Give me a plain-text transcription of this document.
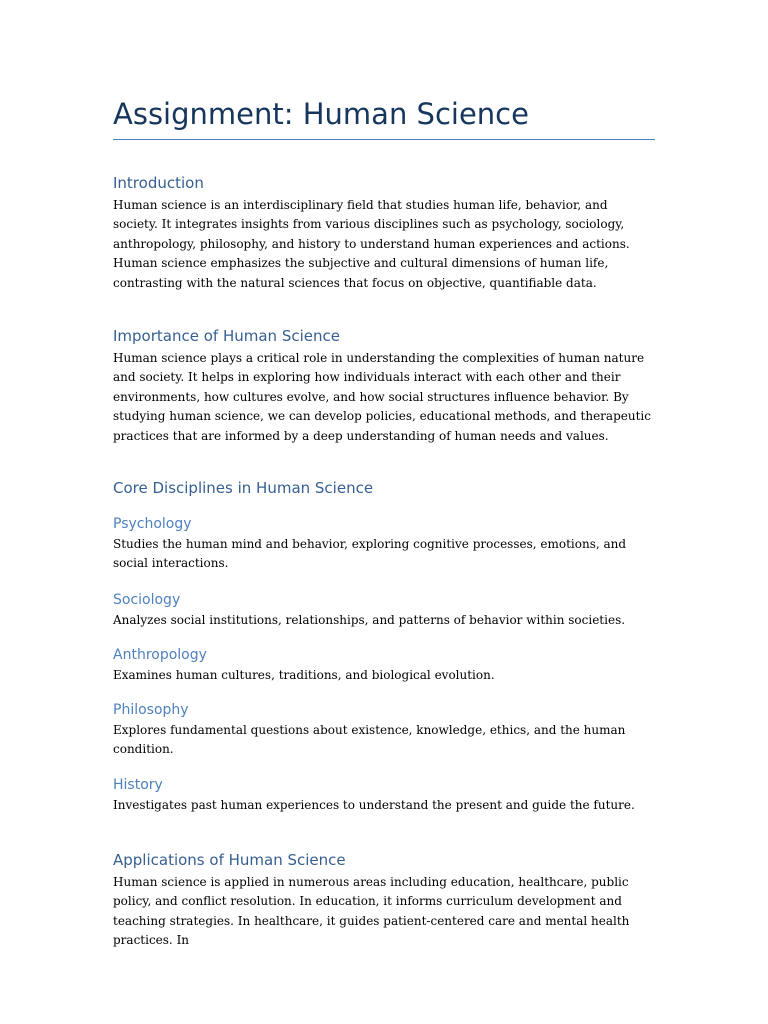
Assignment: Human Science
Introduction

Human science is an interdisciplinary field that studies human life, behavior, and society. It integrates insights from various disciplines such as psychology, sociology, anthropology, philosophy, and history to understand human experiences and actions. Human science emphasizes the subjective and cultural dimensions of human life, contrasting with the natural sciences that focus on objective, quantifiable data.

Importance of Human Science

Human science plays a critical role in understanding the complexities of human nature and society. It helps in exploring how individuals interact with each other and their environments, how cultures evolve, and how social structures influence behavior. By studying human science, we can develop policies, educational methods, and therapeutic practices that are informed by a deep understanding of human needs and values.

Core Disciplines in Human Science
Psychology

Studies the human mind and behavior, exploring cognitive processes, emotions, and social interactions.

Sociology

Analyzes social institutions, relationships, and patterns of behavior within societies.

Anthropology

Examines human cultures, traditions, and biological evolution.

Philosophy

Explores fundamental questions about existence, knowledge, ethics, and the human condition.

History

Investigates past human experiences to understand the present and guide the future.

Applications of Human Science

Human science is applied in numerous areas including education, healthcare, public policy, and conflict resolution. In education, it informs curriculum development and teaching strategies. In healthcare, it guides patient-centered care and mental health practices. In
